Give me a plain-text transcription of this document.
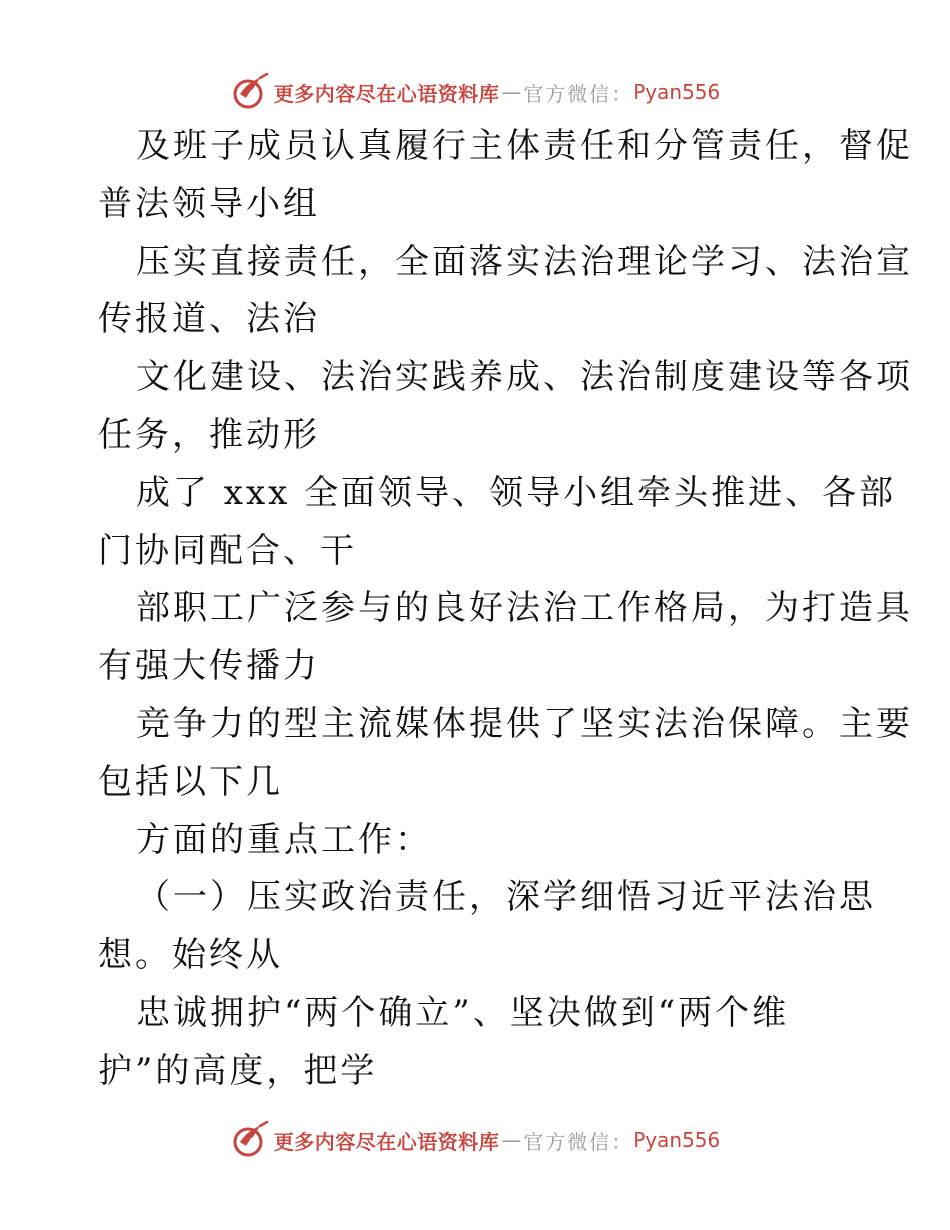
更多内容尽在心语资料库 — 官方微信： Pyan556
及班子成员认真履行主体责任和分管责任，督促
普法领导小组
压实直接责任，全面落实法治理论学习、法治宣
传报道、法治
文化建设、法治实践养成、法治制度建设等各项
任务，推动形
成了 xxx 全面领导、领导小组牵头推进、各部
门协同配合、干
部职工广泛参与的良好法治工作格局，为打造具
有强大传播力
竞争力的型主流媒体提供了坚实法治保障。主要
包括以下几
方面的重点工作：
（一）压实政治责任，深学细悟习近平法治思
想。始终从
忠诚拥护“两个确立”、坚决做到“两个维
护”的高度，把学
更多内容尽在心语资料库 — 官方微信： Pyan556
